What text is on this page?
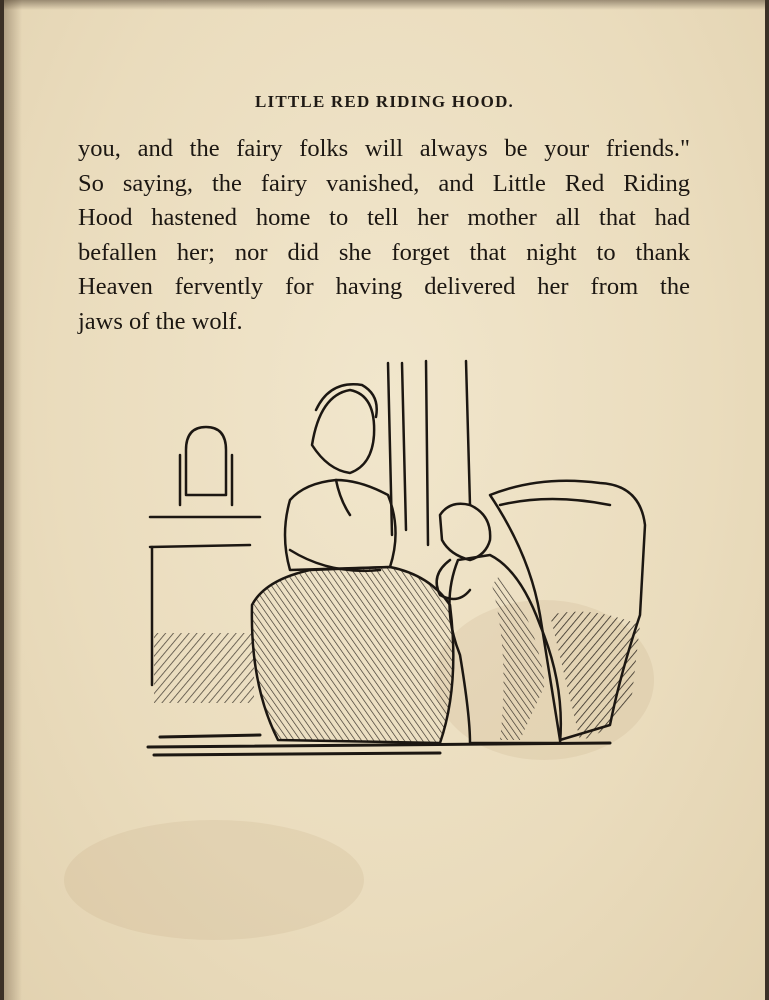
LITTLE RED RIDING HOOD.
you, and the fairy folks will always be your friends."
So saying, the fairy vanished, and Little Red Riding
Hood hastened home to tell her mother all that had
befallen her; nor did she forget that night to thank
Heaven fervently for having delivered her from the
jaws of the wolf.
